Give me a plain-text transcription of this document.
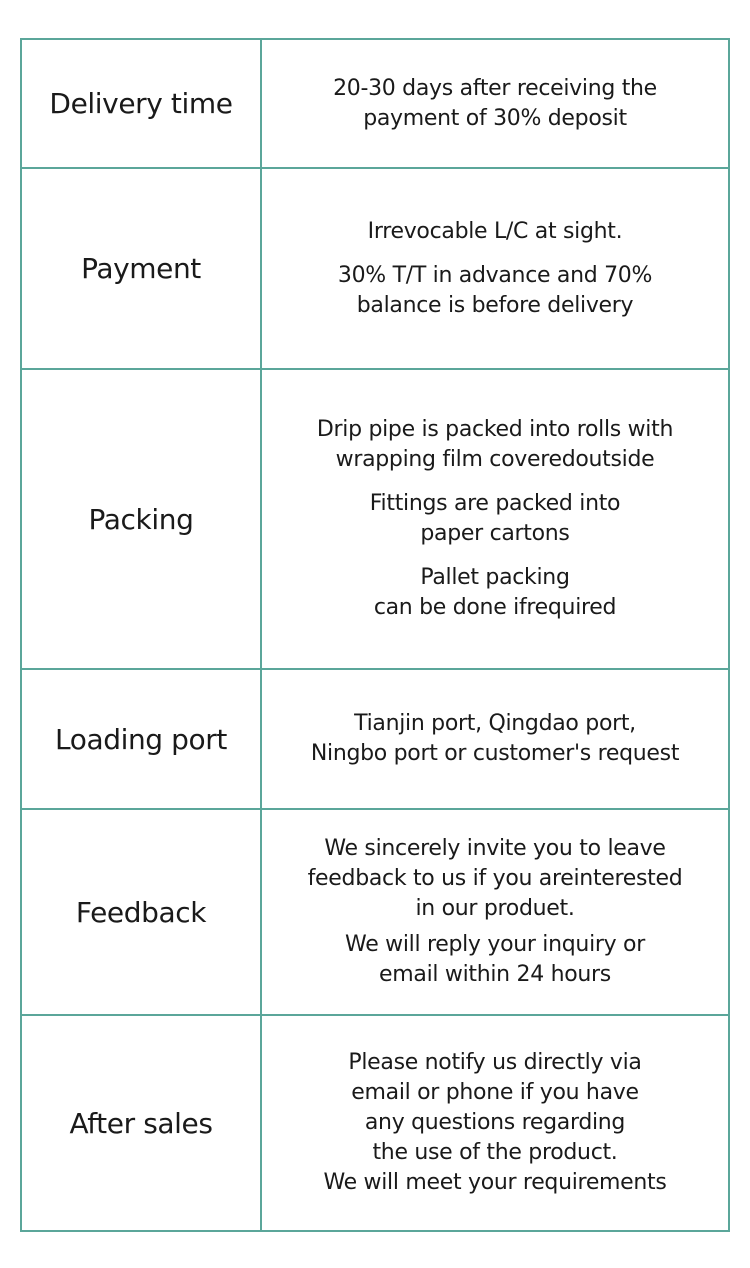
Delivery time	20-30 days after receiving the
payment of 30% deposit

Payment

Irrevocable L/C at sight.

30% T/T in advance and 70%
balance is before delivery

Packing

Drip pipe is packed into rolls with
wrapping film coveredoutside

Fittings are packed into
paper cartons

Pallet packing
can be done ifrequired

Loading port	Tianjin port, Qingdao port,
Ningbo port or customer's request

Feedback

We sincerely invite you to leave
feedback to us if you areinterested
in our produet.

We will reply your inquiry or
email within 24 hours

After sales

Please notify us directly via
email or phone if you have
any questions regarding
the use of the product.
We will meet your requirements
